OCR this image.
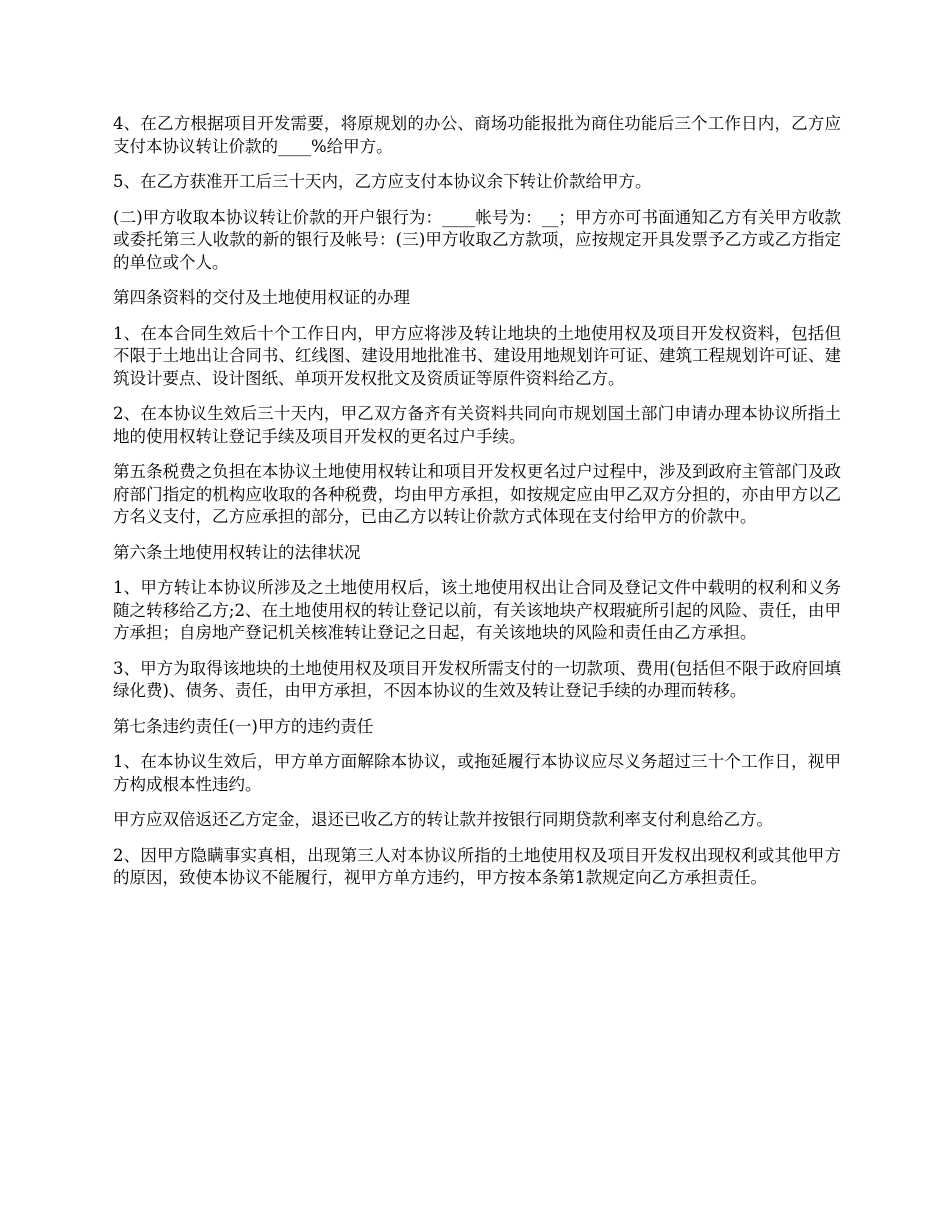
4、在乙方根据项目开发需要，将原规划的办公、商场功能报批为商住功能后三个工作日内，乙方应支付本协议转让价款的____%给甲方。

5、在乙方获准开工后三十天内，乙方应支付本协议余下转让价款给甲方。

(二)甲方收取本协议转让价款的开户银行为：____帐号为：__；甲方亦可书面通知乙方有关甲方收款或委托第三人收款的新的银行及帐号：(三)甲方收取乙方款项，应按规定开具发票予乙方或乙方指定的单位或个人。

第四条资料的交付及土地使用权证的办理

1、在本合同生效后十个工作日内，甲方应将涉及转让地块的土地使用权及项目开发权资料，包括但不限于土地出让合同书、红线图、建设用地批准书、建设用地规划许可证、建筑工程规划许可证、建筑设计要点、设计图纸、单项开发权批文及资质证等原件资料给乙方。

2、在本协议生效后三十天内，甲乙双方备齐有关资料共同向市规划国土部门申请办理本协议所指土地的使用权转让登记手续及项目开发权的更名过户手续。

第五条税费之负担在本协议土地使用权转让和项目开发权更名过户过程中，涉及到政府主管部门及政府部门指定的机构应收取的各种税费，均由甲方承担，如按规定应由甲乙双方分担的，亦由甲方以乙方名义支付，乙方应承担的部分，已由乙方以转让价款方式体现在支付给甲方的价款中。

第六条土地使用权转让的法律状况

1、甲方转让本协议所涉及之土地使用权后，该土地使用权出让合同及登记文件中载明的权利和义务随之转移给乙方;2、在土地使用权的转让登记以前，有关该地块产权瑕疵所引起的风险、责任，由甲方承担；自房地产登记机关核准转让登记之日起，有关该地块的风险和责任由乙方承担。

3、甲方为取得该地块的土地使用权及项目开发权所需支付的一切款项、费用(包括但不限于政府回填绿化费)、债务、责任，由甲方承担，不因本协议的生效及转让登记手续的办理而转移。

第七条违约责任(一)甲方的违约责任

1、在本协议生效后，甲方单方面解除本协议，或拖延履行本协议应尽义务超过三十个工作日，视甲方构成根本性违约。

甲方应双倍返还乙方定金，退还已收乙方的转让款并按银行同期贷款利率支付利息给乙方。

2、因甲方隐瞒事实真相，出现第三人对本协议所指的土地使用权及项目开发权出现权利或其他甲方的原因，致使本协议不能履行，视甲方单方违约，甲方按本条第1款规定向乙方承担责任。
